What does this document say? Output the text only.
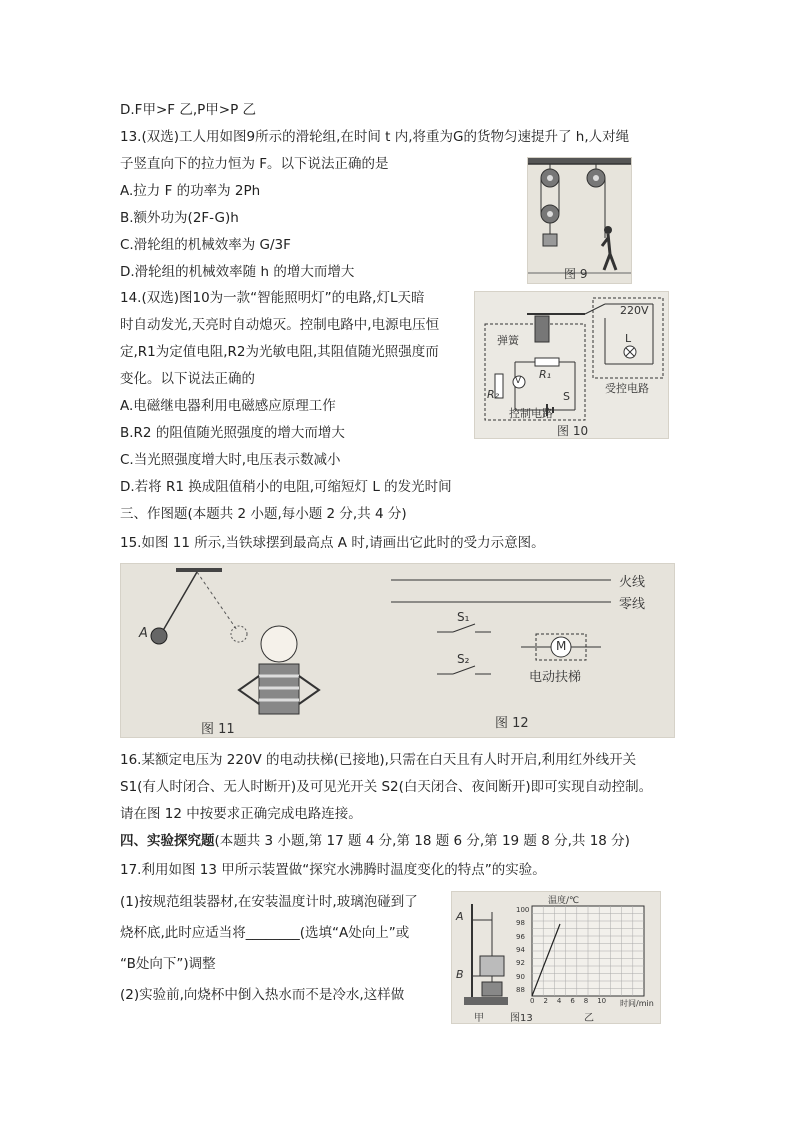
D.F甲>F 乙,P甲>P 乙
13.(双选)工人用如图9所示的滑轮组,在时间 t 内,将重为G的货物匀速提升了 h,人对绳
子竖直向下的拉力恒为 F。以下说法正确的是
A.拉力 F 的功率为 2Ph
B.额外功为(2F-G)h
C.滑轮组的机械效率为 G/3F
D.滑轮组的机械效率随 h 的增大而增大	图 9
14.(双选)图10为一款“智能照明灯”的电路,灯L天暗
时自动发光,天亮时自动熄灭。控制电路中,电源电压恒
定,R1为定值电阻,R2为光敏电阻,其阻值随光照强度而
变化。以下说法正确的
A.电磁继电器利用电磁感应原理工作
B.R2 的阻值随光照强度的增大而增大
C.当光照强度增大时,电压表示数减小
D.若将 R1 换成阻值稍小的电阻,可缩短灯 L 的发光时间
220V
弹簧
R₁
R₂
V
L
S
控制电路
受控电路
图 10
三、作图题(本题共 2 小题,每小题 2 分,共 4 分)
15.如图 11 所示,当铁球摆到最高点 A 时,请画出它此时的受力示意图。
A
火线
零线
S₁
S₂
M
电动扶梯
图 11	图 12
16.某额定电压为 220V 的电动扶梯(已接地),只需在白天且有人时开启,利用红外线开关
S1(有人时闭合、无人时断开)及可见光开关 S2(白天闭合、夜间断开)即可实现自动控制。
请在图 12 中按要求正确完成电路连接。
四、实验探究题(本题共 3 小题,第 17 题 4 分,第 18 题 6 分,第 19 题 8 分,共 18 分)
17.利用如图 13 甲所示装置做“探究水沸腾时温度变化的特点”的实验。
(1)按规范组装器材,在安装温度计时,玻璃泡碰到了
烧杯底,此时应适当将________(选填“A处向上”或
“B处向下”)调整
(2)实验前,向烧杯中倒入热水而不是冷水,这样做
A
B
温度/℃
时间/min
100
98
96
94
92
90
88
0 2 4 6 8 10
甲	图13	乙
